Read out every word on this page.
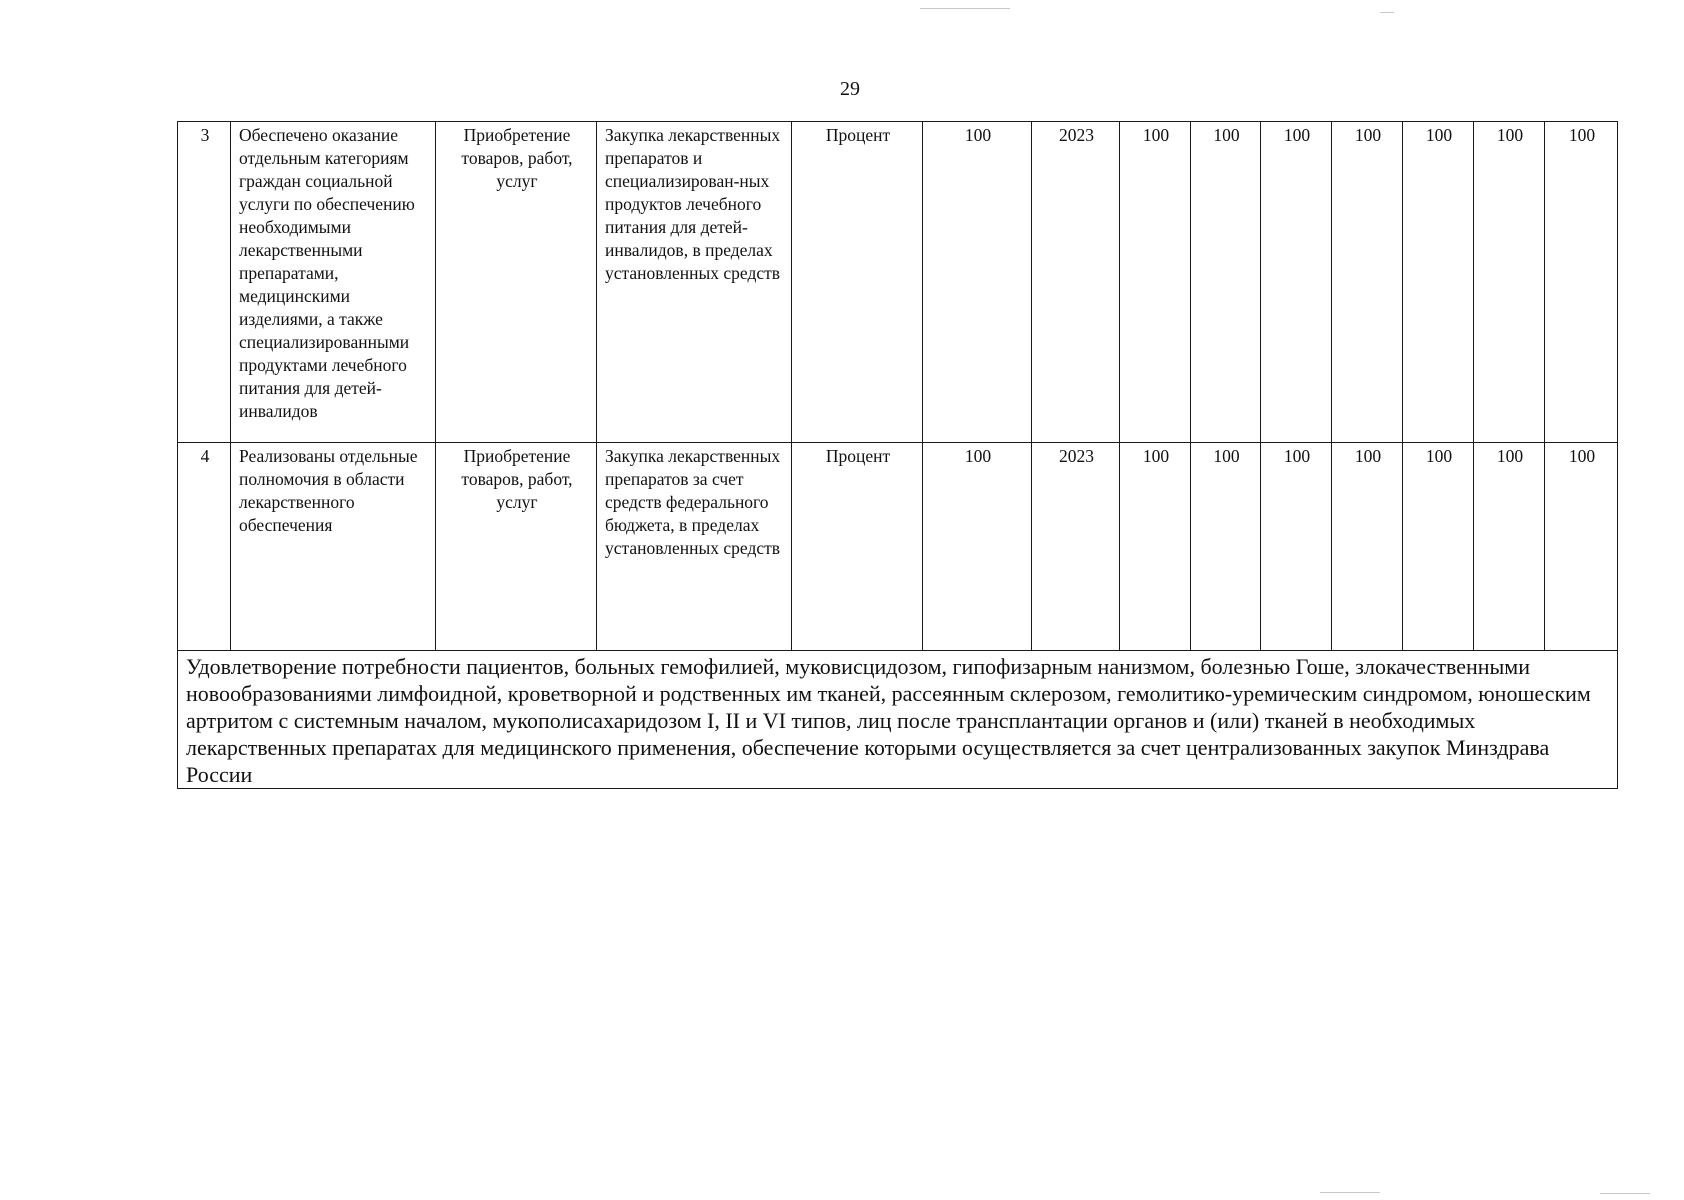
29
3	Обеспечено оказание отдельным категориям граждан социальной услуги по обеспечению необходимыми лекарственными препаратами, медицинскими изделиями, а также специализированными продуктами лечебного питания для детей-инвалидов	Приобретение товаров, работ, услуг	Закупка лекарственных препаратов и специализирован-ных продуктов лечебного питания для детей-инвалидов, в пределах установленных средств	Процент	100	2023	100	100	100	100	100	100	100
4	Реализованы отдельные полномочия в области лекарственного обеспечения	Приобретение товаров, работ, услуг	Закупка лекарственных препаратов за счет средств федерального бюджета, в пределах установленных средств	Процент	100	2023	100	100	100	100	100	100	100
Удовлетворение потребности пациентов, больных гемофилией, муковисцидозом, гипофизарным нанизмом, болезнью Гоше, злокачественными новообразованиями лимфоидной, кроветворной и родственных им тканей, рассеянным склерозом, гемолитико-уремическим синдромом, юношеским артритом с системным началом, мукополисахаридозом I, II и VI типов, лиц после трансплантации органов и (или) тканей в необходимых лекарственных препаратах для медицинского применения, обеспечение которыми осуществляется за счет централизованных закупок Минздрава России													
